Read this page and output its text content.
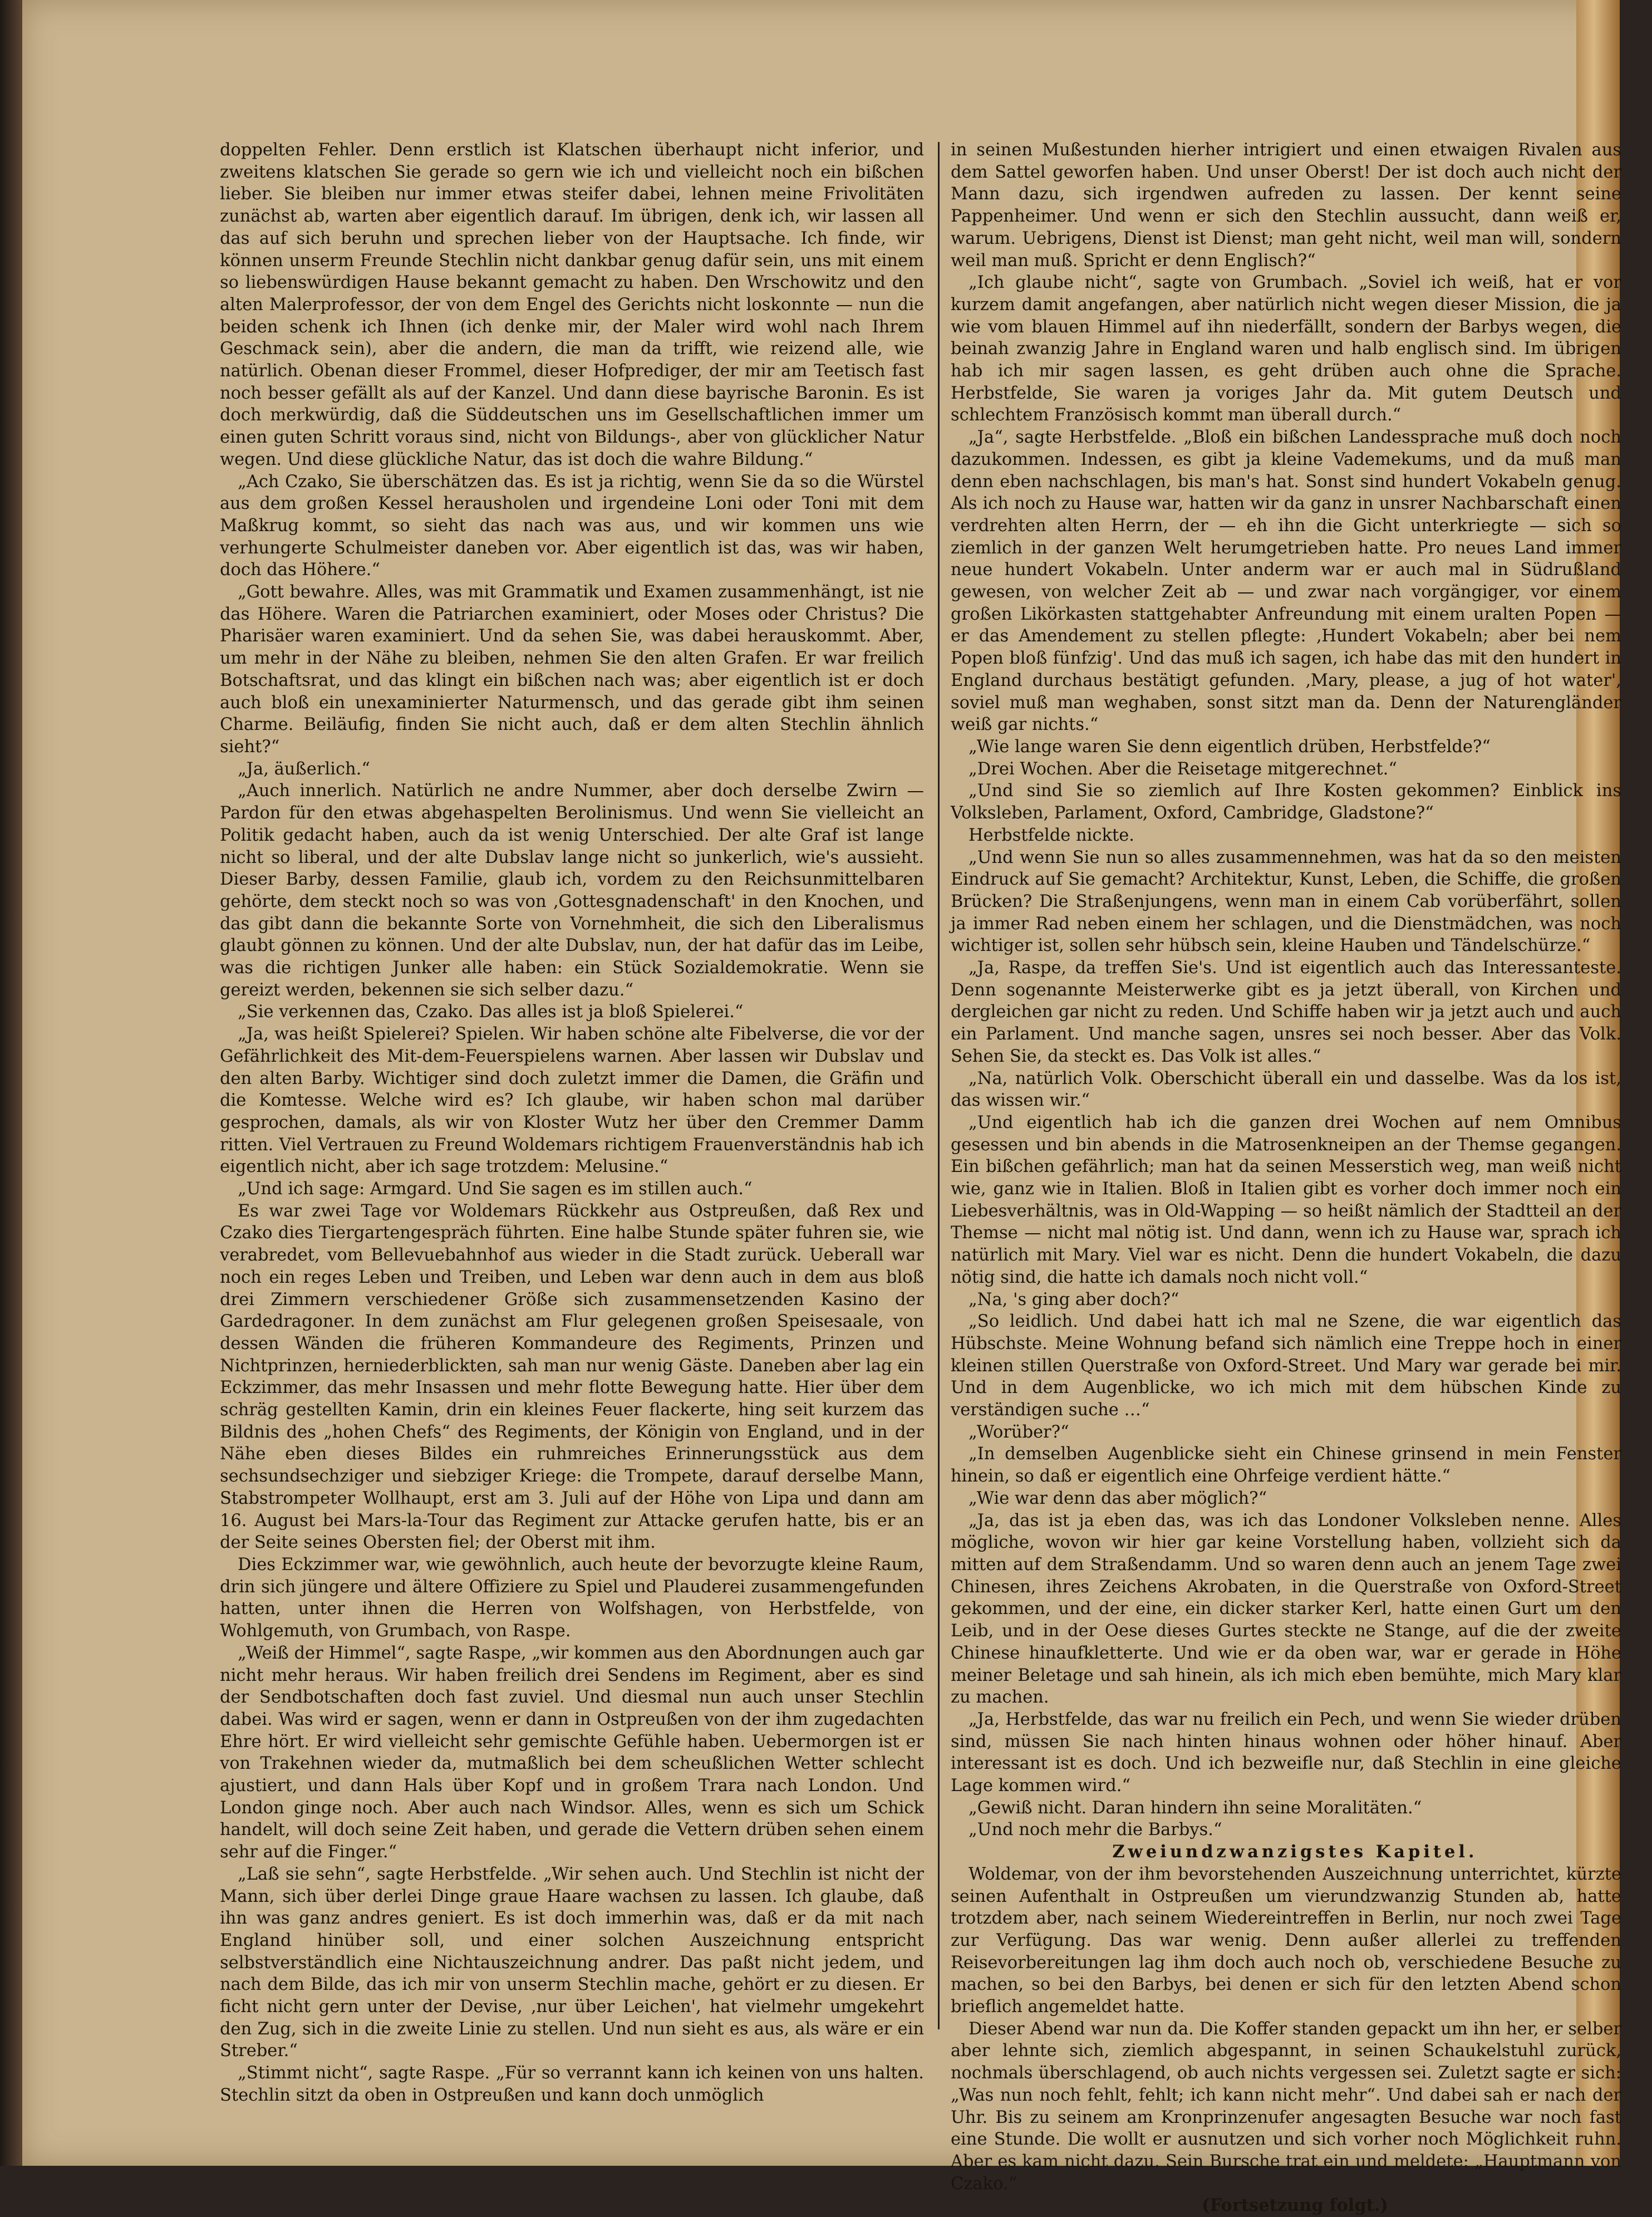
doppelten Fehler. Denn erstlich ist Klatschen überhaupt nicht inferior, und zweitens klatschen Sie gerade so gern wie ich und vielleicht noch ein bißchen lieber. Sie bleiben nur immer etwas steifer dabei, lehnen meine Frivolitäten zunächst ab, warten aber eigentlich darauf. Im übrigen, denk ich, wir lassen all das auf sich beruhn und sprechen lieber von der Hauptsache. Ich finde, wir können unserm Freunde Stechlin nicht dankbar genug dafür sein, uns mit einem so liebenswürdigen Hause bekannt gemacht zu haben. Den Wrschowitz und den alten Malerprofessor, der von dem Engel des Gerichts nicht loskonnte — nun die beiden schenk ich Ihnen (ich denke mir, der Maler wird wohl nach Ihrem Geschmack sein), aber die andern, die man da trifft, wie reizend alle, wie natürlich. Obenan dieser Frommel, dieser Hofprediger, der mir am Teetisch fast noch besser gefällt als auf der Kanzel. Und dann diese bayrische Baronin. Es ist doch merkwürdig, daß die Süddeutschen uns im Gesellschaftlichen immer um einen guten Schritt voraus sind, nicht von Bildungs-, aber von glücklicher Natur wegen. Und diese glückliche Natur, das ist doch die wahre Bildung.“

„Ach Czako, Sie überschätzen das. Es ist ja richtig, wenn Sie da so die Würstel aus dem großen Kessel herausholen und irgendeine Loni oder Toni mit dem Maßkrug kommt, so sieht das nach was aus, und wir kommen uns wie verhungerte Schulmeister daneben vor. Aber eigentlich ist das, was wir haben, doch das Höhere.“

„Gott bewahre. Alles, was mit Grammatik und Examen zusammenhängt, ist nie das Höhere. Waren die Patriarchen examiniert, oder Moses oder Christus? Die Pharisäer waren examiniert. Und da sehen Sie, was dabei herauskommt. Aber, um mehr in der Nähe zu bleiben, nehmen Sie den alten Grafen. Er war freilich Botschaftsrat, und das klingt ein bißchen nach was; aber eigentlich ist er doch auch bloß ein unexaminierter Naturmensch, und das gerade gibt ihm seinen Charme. Beiläufig, finden Sie nicht auch, daß er dem alten Stechlin ähnlich sieht?“

„Ja, äußerlich.“

„Auch innerlich. Natürlich ne andre Nummer, aber doch derselbe Zwirn — Pardon für den etwas abgehaspelten Berolinismus. Und wenn Sie vielleicht an Politik gedacht haben, auch da ist wenig Unterschied. Der alte Graf ist lange nicht so liberal, und der alte Dubslav lange nicht so junkerlich, wie's aussieht. Dieser Barby, dessen Familie, glaub ich, vordem zu den Reichsunmittelbaren gehörte, dem steckt noch so was von ‚Gottesgnadenschaft' in den Knochen, und das gibt dann die bekannte Sorte von Vornehmheit, die sich den Liberalismus glaubt gönnen zu können. Und der alte Dubslav, nun, der hat dafür das im Leibe, was die richtigen Junker alle haben: ein Stück Sozialdemokratie. Wenn sie gereizt werden, bekennen sie sich selber dazu.“

„Sie verkennen das, Czako. Das alles ist ja bloß Spielerei.“

„Ja, was heißt Spielerei? Spielen. Wir haben schöne alte Fibelverse, die vor der Gefährlichkeit des Mit-dem-Feuerspielens warnen. Aber lassen wir Dubslav und den alten Barby. Wichtiger sind doch zuletzt immer die Damen, die Gräfin und die Komtesse. Welche wird es? Ich glaube, wir haben schon mal darüber gesprochen, damals, als wir von Kloster Wutz her über den Cremmer Damm ritten. Viel Vertrauen zu Freund Woldemars richtigem Frauenverständnis hab ich eigentlich nicht, aber ich sage trotzdem: Melusine.“

„Und ich sage: Armgard. Und Sie sagen es im stillen auch.“

Es war zwei Tage vor Woldemars Rückkehr aus Ostpreußen, daß Rex und Czako dies Tiergartengespräch führten. Eine halbe Stunde später fuhren sie, wie verabredet, vom Bellevuebahnhof aus wieder in die Stadt zurück. Ueberall war noch ein reges Leben und Treiben, und Leben war denn auch in dem aus bloß drei Zimmern verschiedener Größe sich zusammensetzenden Kasino der Gardedragoner. In dem zunächst am Flur gelegenen großen Speisesaale, von dessen Wänden die früheren Kommandeure des Regiments, Prinzen und Nichtprinzen, herniederblickten, sah man nur wenig Gäste. Daneben aber lag ein Eckzimmer, das mehr Insassen und mehr flotte Bewegung hatte. Hier über dem schräg gestellten Kamin, drin ein kleines Feuer flackerte, hing seit kurzem das Bildnis des „hohen Chefs“ des Regiments, der Königin von England, und in der Nähe eben dieses Bildes ein ruhmreiches Erinnerungsstück aus dem sechsundsechziger und siebziger Kriege: die Trompete, darauf derselbe Mann, Stabstrompeter Wollhaupt, erst am 3. Juli auf der Höhe von Lipa und dann am 16. August bei Mars-la-Tour das Regiment zur Attacke gerufen hatte, bis er an der Seite seines Obersten fiel; der Oberst mit ihm.

Dies Eckzimmer war, wie gewöhnlich, auch heute der bevorzugte kleine Raum, drin sich jüngere und ältere Offiziere zu Spiel und Plauderei zusammengefunden hatten, unter ihnen die Herren von Wolfshagen, von Herbstfelde, von Wohlgemuth, von Grumbach, von Raspe.

„Weiß der Himmel“, sagte Raspe, „wir kommen aus den Abordnungen auch gar nicht mehr heraus. Wir haben freilich drei Sendens im Regiment, aber es sind der Sendbotschaften doch fast zuviel. Und diesmal nun auch unser Stechlin dabei. Was wird er sagen, wenn er dann in Ostpreußen von der ihm zugedachten Ehre hört. Er wird vielleicht sehr gemischte Gefühle haben. Uebermorgen ist er von Trakehnen wieder da, mutmaßlich bei dem scheußlichen Wetter schlecht ajustiert, und dann Hals über Kopf und in großem Trara nach London. Und London ginge noch. Aber auch nach Windsor. Alles, wenn es sich um Schick handelt, will doch seine Zeit haben, und gerade die Vettern drüben sehen einem sehr auf die Finger.“

„Laß sie sehn“, sagte Herbstfelde. „Wir sehen auch. Und Stechlin ist nicht der Mann, sich über derlei Dinge graue Haare wachsen zu lassen. Ich glaube, daß ihn was ganz andres geniert. Es ist doch immerhin was, daß er da mit nach England hinüber soll, und einer solchen Auszeichnung entspricht selbstverständlich eine Nichtauszeichnung andrer. Das paßt nicht jedem, und nach dem Bilde, das ich mir von unserm Stechlin mache, gehört er zu diesen. Er ficht nicht gern unter der Devise, ‚nur über Leichen', hat vielmehr umgekehrt den Zug, sich in die zweite Linie zu stellen. Und nun sieht es aus, als wäre er ein Streber.“

„Stimmt nicht“, sagte Raspe. „Für so verrannt kann ich keinen von uns halten. Stechlin sitzt da oben in Ostpreußen und kann doch unmöglich

in seinen Mußestunden hierher intrigiert und einen etwaigen Rivalen aus dem Sattel geworfen haben. Und unser Oberst! Der ist doch auch nicht der Mann dazu, sich irgendwen aufreden zu lassen. Der kennt seine Pappenheimer. Und wenn er sich den Stechlin aussucht, dann weiß er, warum. Uebrigens, Dienst ist Dienst; man geht nicht, weil man will, sondern weil man muß. Spricht er denn Englisch?“

„Ich glaube nicht“, sagte von Grumbach. „Soviel ich weiß, hat er vor kurzem damit angefangen, aber natürlich nicht wegen dieser Mission, die ja wie vom blauen Himmel auf ihn niederfällt, sondern der Barbys wegen, die beinah zwanzig Jahre in England waren und halb englisch sind. Im übrigen hab ich mir sagen lassen, es geht drüben auch ohne die Sprache. Herbstfelde, Sie waren ja voriges Jahr da. Mit gutem Deutsch und schlechtem Französisch kommt man überall durch.“

„Ja“, sagte Herbstfelde. „Bloß ein bißchen Landessprache muß doch noch dazukommen. Indessen, es gibt ja kleine Vademekums, und da muß man denn eben nachschlagen, bis man's hat. Sonst sind hundert Vokabeln genug. Als ich noch zu Hause war, hatten wir da ganz in unsrer Nachbarschaft einen verdrehten alten Herrn, der — eh ihn die Gicht unterkriegte — sich so ziemlich in der ganzen Welt herumgetrieben hatte. Pro neues Land immer neue hundert Vokabeln. Unter anderm war er auch mal in Südrußland gewesen, von welcher Zeit ab — und zwar nach vorgängiger, vor einem großen Likörkasten stattgehabter Anfreundung mit einem uralten Popen — er das Amendement zu stellen pflegte: ‚Hundert Vokabeln; aber bei nem Popen bloß fünfzig'. Und das muß ich sagen, ich habe das mit den hundert in England durchaus bestätigt gefunden. ‚Mary, please, a jug of hot water', soviel muß man weghaben, sonst sitzt man da. Denn der Naturengländer weiß gar nichts.“

„Wie lange waren Sie denn eigentlich drüben, Herbstfelde?“

„Drei Wochen. Aber die Reisetage mitgerechnet.“

„Und sind Sie so ziemlich auf Ihre Kosten gekommen? Einblick ins Volksleben, Parlament, Oxford, Cambridge, Gladstone?“

Herbstfelde nickte.

„Und wenn Sie nun so alles zusammennehmen, was hat da so den meisten Eindruck auf Sie gemacht? Architektur, Kunst, Leben, die Schiffe, die großen Brücken? Die Straßenjungens, wenn man in einem Cab vorüberfährt, sollen ja immer Rad neben einem her schlagen, und die Dienstmädchen, was noch wichtiger ist, sollen sehr hübsch sein, kleine Hauben und Tändelschürze.“

„Ja, Raspe, da treffen Sie's. Und ist eigentlich auch das Interessanteste. Denn sogenannte Meisterwerke gibt es ja jetzt überall, von Kirchen und dergleichen gar nicht zu reden. Und Schiffe haben wir ja jetzt auch und auch ein Parlament. Und manche sagen, unsres sei noch besser. Aber das Volk. Sehen Sie, da steckt es. Das Volk ist alles.“

„Na, natürlich Volk. Oberschicht überall ein und dasselbe. Was da los ist, das wissen wir.“

„Und eigentlich hab ich die ganzen drei Wochen auf nem Omnibus gesessen und bin abends in die Matrosenkneipen an der Themse gegangen. Ein bißchen gefährlich; man hat da seinen Messerstich weg, man weiß nicht wie, ganz wie in Italien. Bloß in Italien gibt es vorher doch immer noch ein Liebesverhältnis, was in Old-Wapping — so heißt nämlich der Stadtteil an der Themse — nicht mal nötig ist. Und dann, wenn ich zu Hause war, sprach ich natürlich mit Mary. Viel war es nicht. Denn die hundert Vokabeln, die dazu nötig sind, die hatte ich damals noch nicht voll.“

„Na, 's ging aber doch?“

„So leidlich. Und dabei hatt ich mal ne Szene, die war eigentlich das Hübschste. Meine Wohnung befand sich nämlich eine Treppe hoch in einer kleinen stillen Querstraße von Oxford-Street. Und Mary war gerade bei mir. Und in dem Augenblicke, wo ich mich mit dem hübschen Kinde zu verständigen suche …“

„Worüber?“

„In demselben Augenblicke sieht ein Chinese grinsend in mein Fenster hinein, so daß er eigentlich eine Ohrfeige verdient hätte.“

„Wie war denn das aber möglich?“

„Ja, das ist ja eben das, was ich das Londoner Volksleben nenne. Alles mögliche, wovon wir hier gar keine Vorstellung haben, vollzieht sich da mitten auf dem Straßendamm. Und so waren denn auch an jenem Tage zwei Chinesen, ihres Zeichens Akrobaten, in die Querstraße von Oxford-Street gekommen, und der eine, ein dicker starker Kerl, hatte einen Gurt um den Leib, und in der Oese dieses Gurtes steckte ne Stange, auf die der zweite Chinese hinaufkletterte. Und wie er da oben war, war er gerade in Höhe meiner Beletage und sah hinein, als ich mich eben bemühte, mich Mary klar zu machen.

„Ja, Herbstfelde, das war nu freilich ein Pech, und wenn Sie wieder drüben sind, müssen Sie nach hinten hinaus wohnen oder höher hinauf. Aber interessant ist es doch. Und ich bezweifle nur, daß Stechlin in eine gleiche Lage kommen wird.“

„Gewiß nicht. Daran hindern ihn seine Moralitäten.“

„Und noch mehr die Barbys.“

Zweiundzwanzigstes Kapitel.

Woldemar, von der ihm bevorstehenden Auszeichnung unterrichtet, kürzte seinen Aufenthalt in Ostpreußen um vierundzwanzig Stunden ab, hatte trotzdem aber, nach seinem Wiedereintreffen in Berlin, nur noch zwei Tage zur Verfügung. Das war wenig. Denn außer allerlei zu treffenden Reisevorbereitungen lag ihm doch auch noch ob, verschiedene Besuche zu machen, so bei den Barbys, bei denen er sich für den letzten Abend schon brieflich angemeldet hatte.

Dieser Abend war nun da. Die Koffer standen gepackt um ihn her, er selber aber lehnte sich, ziemlich abgespannt, in seinen Schaukelstuhl zurück, nochmals überschlagend, ob auch nichts vergessen sei. Zuletzt sagte er sich: „Was nun noch fehlt, fehlt; ich kann nicht mehr“. Und dabei sah er nach der Uhr. Bis zu seinem am Kronprinzenufer angesagten Besuche war noch fast eine Stunde. Die wollt er ausnutzen und sich vorher noch Möglichkeit ruhn. Aber es kam nicht dazu. Sein Bursche trat ein und meldete: „Hauptmann von Czako.“

(Fortsetzung folgt.)
